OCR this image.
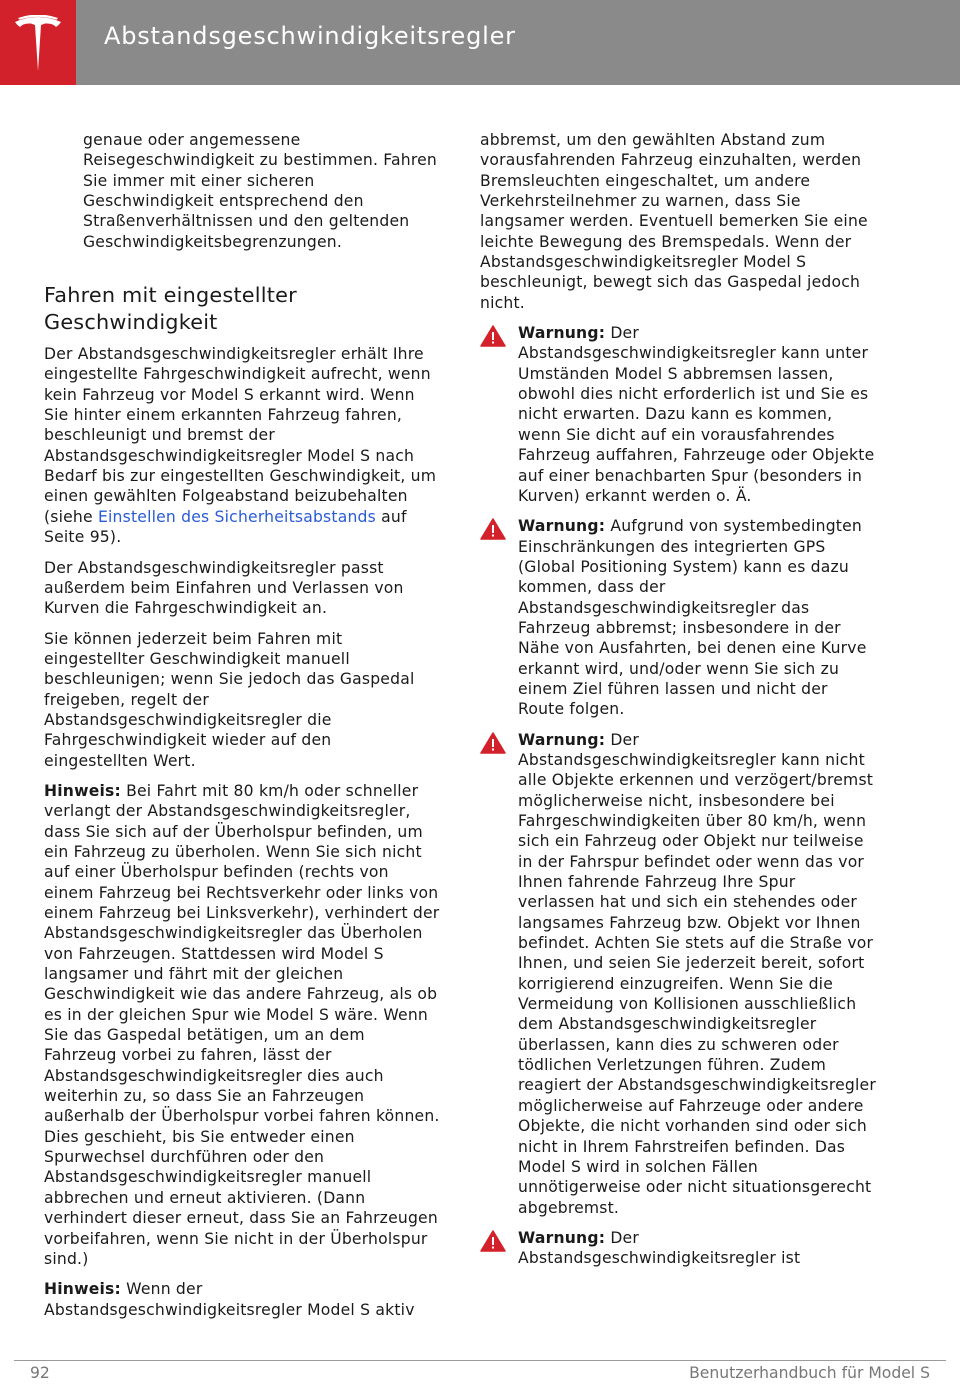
Abstandsgeschwindigkeitsregler

genaue oder angemessene Reisegeschwindigkeit zu bestimmen. Fahren Sie immer mit einer sicheren Geschwindigkeit entsprechend den Straßenverhältnissen und den geltenden Geschwindigkeitsbegrenzungen.

Fahren mit eingestellter Geschwindigkeit

Der Abstandsgeschwindigkeitsregler erhält Ihre eingestellte Fahrgeschwindigkeit aufrecht, wenn kein Fahrzeug vor Model S erkannt wird. Wenn Sie hinter einem erkannten Fahrzeug fahren, beschleunigt und bremst der Abstandsgeschwindigkeitsregler Model S nach Bedarf bis zur eingestellten Geschwindigkeit, um einen gewählten Folgeabstand beizubehalten (siehe Einstellen des Sicherheitsabstands auf Seite 95).

Der Abstandsgeschwindigkeitsregler passt außerdem beim Einfahren und Verlassen von Kurven die Fahrgeschwindigkeit an.

Sie können jederzeit beim Fahren mit eingestellter Geschwindigkeit manuell beschleunigen; wenn Sie jedoch das Gaspedal freigeben, regelt der Abstandsgeschwindigkeitsregler die Fahrgeschwindigkeit wieder auf den eingestellten Wert.

Hinweis: Bei Fahrt mit 80 km/h oder schneller verlangt der Abstandsgeschwindigkeitsregler, dass Sie sich auf der Überholspur befinden, um ein Fahrzeug zu überholen. Wenn Sie sich nicht auf einer Überholspur befinden (rechts von einem Fahrzeug bei Rechtsverkehr oder links von einem Fahrzeug bei Linksverkehr), verhindert der Abstandsgeschwindigkeitsregler das Überholen von Fahrzeugen. Stattdessen wird Model S langsamer und fährt mit der gleichen Geschwindigkeit wie das andere Fahrzeug, als ob es in der gleichen Spur wie Model S wäre. Wenn Sie das Gaspedal betätigen, um an dem Fahrzeug vorbei zu fahren, lässt der Abstandsgeschwindigkeitsregler dies auch weiterhin zu, so dass Sie an Fahrzeugen außerhalb der Überholspur vorbei fahren können. Dies geschieht, bis Sie entweder einen Spurwechsel durchführen oder den Abstandsgeschwindigkeitsregler manuell abbrechen und erneut aktivieren. (Dann verhindert dieser erneut, dass Sie an Fahrzeugen vorbeifahren, wenn Sie nicht in der Überholspur sind.)

Hinweis: Wenn der Abstandsgeschwindigkeitsregler Model S aktiv

abbremst, um den gewählten Abstand zum vorausfahrenden Fahrzeug einzuhalten, werden Bremsleuchten eingeschaltet, um andere Verkehrsteilnehmer zu warnen, dass Sie langsamer werden. Eventuell bemerken Sie eine leichte Bewegung des Bremspedals. Wenn der Abstandsgeschwindigkeitsregler Model S beschleunigt, bewegt sich das Gaspedal jedoch nicht.

Warnung: Der Abstandsgeschwindigkeitsregler kann unter Umständen Model S abbremsen lassen, obwohl dies nicht erforderlich ist und Sie es nicht erwarten. Dazu kann es kommen, wenn Sie dicht auf ein vorausfahrendes Fahrzeug auffahren, Fahrzeuge oder Objekte auf einer benachbarten Spur (besonders in Kurven) erkannt werden o. Ä.
Warnung: Aufgrund von systembedingten Einschränkungen des integrierten GPS (Global Positioning System) kann es dazu kommen, dass der Abstandsgeschwindigkeitsregler das Fahrzeug abbremst; insbesondere in der Nähe von Ausfahrten, bei denen eine Kurve erkannt wird, und/oder wenn Sie sich zu einem Ziel führen lassen und nicht der Route folgen.
Warnung: Der Abstandsgeschwindigkeitsregler kann nicht alle Objekte erkennen und verzögert/bremst möglicherweise nicht, insbesondere bei Fahrgeschwindigkeiten über 80 km/h, wenn sich ein Fahrzeug oder Objekt nur teilweise in der Fahrspur befindet oder wenn das vor Ihnen fahrende Fahrzeug Ihre Spur verlassen hat und sich ein stehendes oder langsames Fahrzeug bzw. Objekt vor Ihnen befindet. Achten Sie stets auf die Straße vor Ihnen, und seien Sie jederzeit bereit, sofort korrigierend einzugreifen. Wenn Sie die Vermeidung von Kollisionen ausschließlich dem Abstandsgeschwindigkeitsregler überlassen, kann dies zu schweren oder tödlichen Verletzungen führen. Zudem reagiert der Abstandsgeschwindigkeitsregler möglicherweise auf Fahrzeuge oder andere Objekte, die nicht vorhanden sind oder sich nicht in Ihrem Fahrstreifen befinden. Das Model S wird in solchen Fällen unnötigerweise oder nicht situationsgerecht abgebremst.
Warnung: Der Abstandsgeschwindigkeitsregler ist
92	Benutzerhandbuch für Model S
